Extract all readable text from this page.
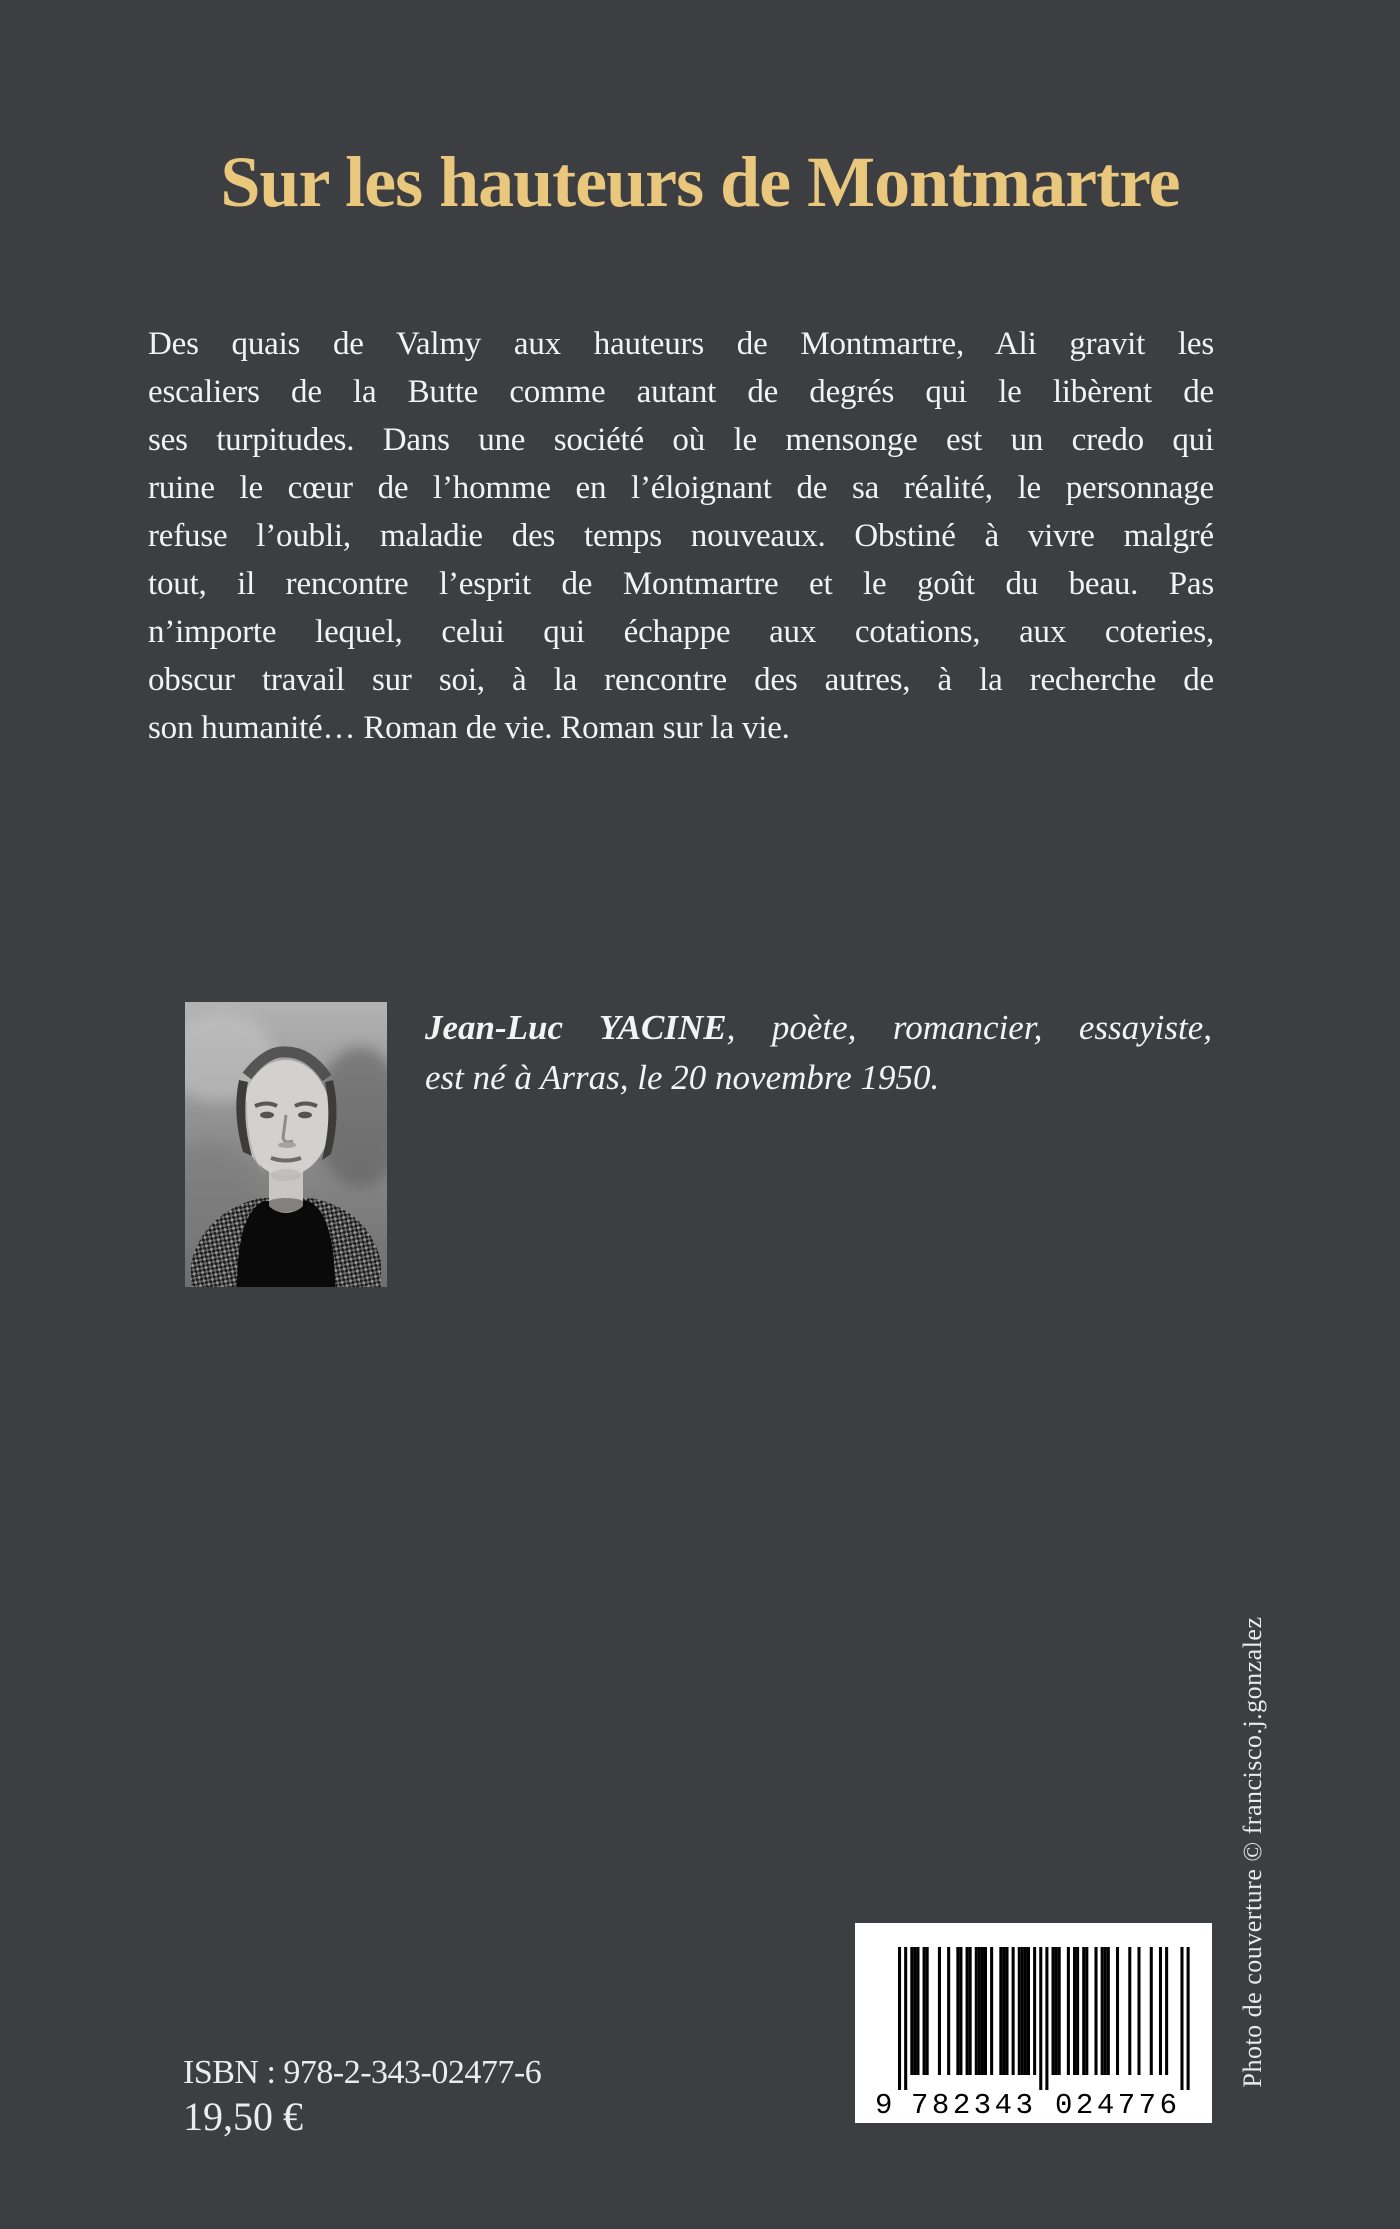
Sur les hauteurs de Montmartre
Des quais de Valmy aux hauteurs de Montmartre, Ali gravit les
escaliers de la Butte comme autant de degrés qui le libèrent de
ses turpitudes. Dans une société où le mensonge est un credo qui
ruine le cœur de l’homme en l’éloignant de sa réalité, le personnage
refuse l’oubli, maladie des temps nouveaux. Obstiné à vivre malgré
tout, il rencontre l’esprit de Montmartre et le goût du beau. Pas
n’importe lequel, celui qui échappe aux cotations, aux coteries,
obscur travail sur soi, à la rencontre des autres, à la recherche de
son humanité… Roman de vie. Roman sur la vie.
Jean-Luc YACINE, poète, romancier, essayiste,
est né à Arras, le 20 novembre 1950.
ISBN : 978-2-343-02477-6
19,50 €	9 782343 024776
Photo de couverture © francisco.j.gonzalez
